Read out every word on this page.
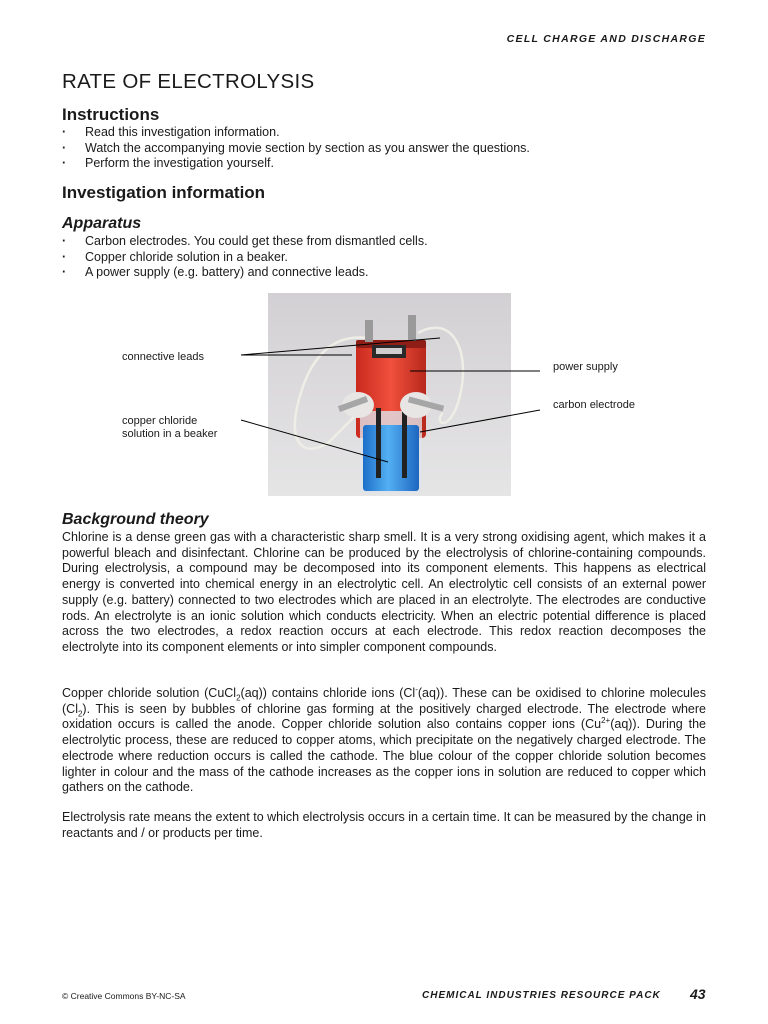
CELL CHARGE AND DISCHARGE
RATE OF ELECTROLYSIS
Instructions
· Read this investigation information.
· Watch the accompanying movie section by section as you answer the questions.
· Perform the investigation yourself.
Investigation information
Apparatus
· Carbon electrodes. You could get these from dismantled cells.
· Copper chloride solution in a beaker.
· A power supply (e.g. battery) and connective leads.
connective leads
copper chloride
solution in a beaker
power supply
carbon electrode
Background theory

Chlorine is a dense green gas with a characteristic sharp smell. It is a very strong oxidising agent, which makes it a powerful bleach and disinfectant. Chlorine can be produced by the electrolysis of chlorine-containing compounds. During electrolysis, a compound may be decomposed into its component elements. This happens as electrical energy is converted into chemical energy in an electrolytic cell. An electrolytic cell consists of an external power supply (e.g. battery) connected to two electrodes which are placed in an electrolyte. The electrodes are conductive rods. An electrolyte is an ionic solution which conducts electricity. When an electric potential difference is placed across the two electrodes, a redox reaction occurs at each electrode. This redox reaction decomposes the electrolyte into its component elements or into simpler component compounds.

Copper chloride solution (CuCl$_2$(aq)) contains chloride ions (Cl-(aq)). These can be oxidised to chlorine molecules $(Cl_2)$. This is seen by bubbles of chlorine gas forming at the positively charged electrode. The electrode where oxidation occurs is called the anode. Copper chloride solution also contains copper ions $(Cu^{2+}(aq))$. During the electrolytic process, these are reduced to copper atoms, which precipitate on the negatively charged electrode. The electrode where reduction occurs is called the cathode. The blue colour of the copper chloride solution becomes lighter in colour and the mass of the cathode increases as the copper ions in solution are reduced to copper which gathers on the cathode.

Electrolysis rate means the extent to which electrolysis occurs in a certain time. It can be measured by the change in reactants and / or products per time.

© Creative Commons BY-NC-SA	CHEMICAL INDUSTRIES RESOURCE PACK 43
